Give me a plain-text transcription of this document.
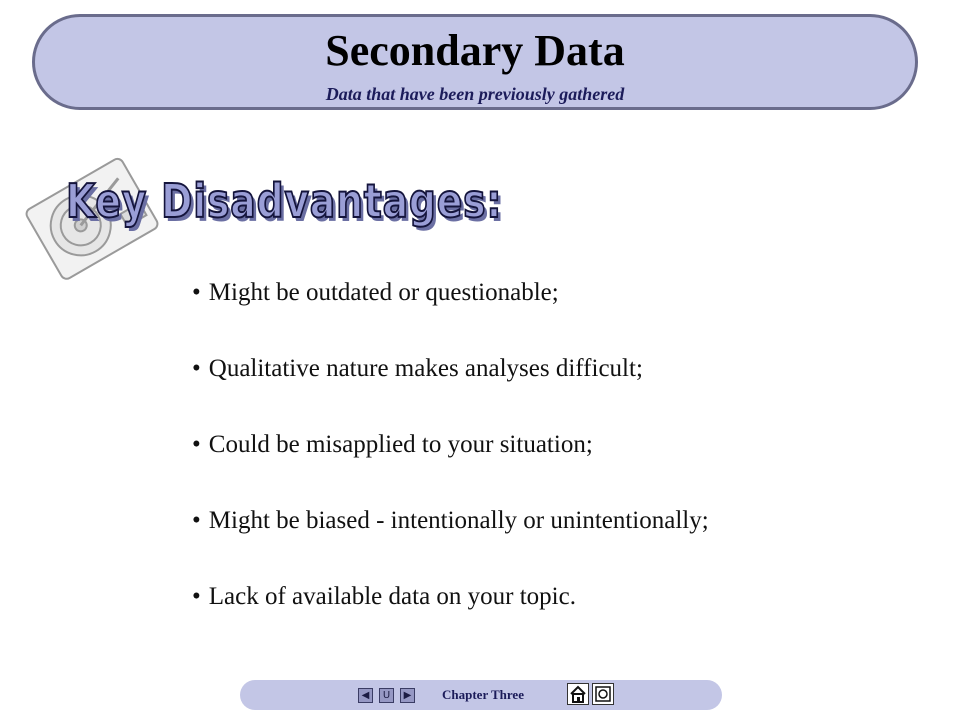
Secondary Data
Data that have been previously gathered
Key Disadvantages:
• Might be outdated or questionable;
• Qualitative nature makes analyses difficult;
• Could be misapplied to your situation;
• Might be biased - intentionally or unintentionally;
• Lack of available data on your topic.
◀	U	▶ Chapter Three
